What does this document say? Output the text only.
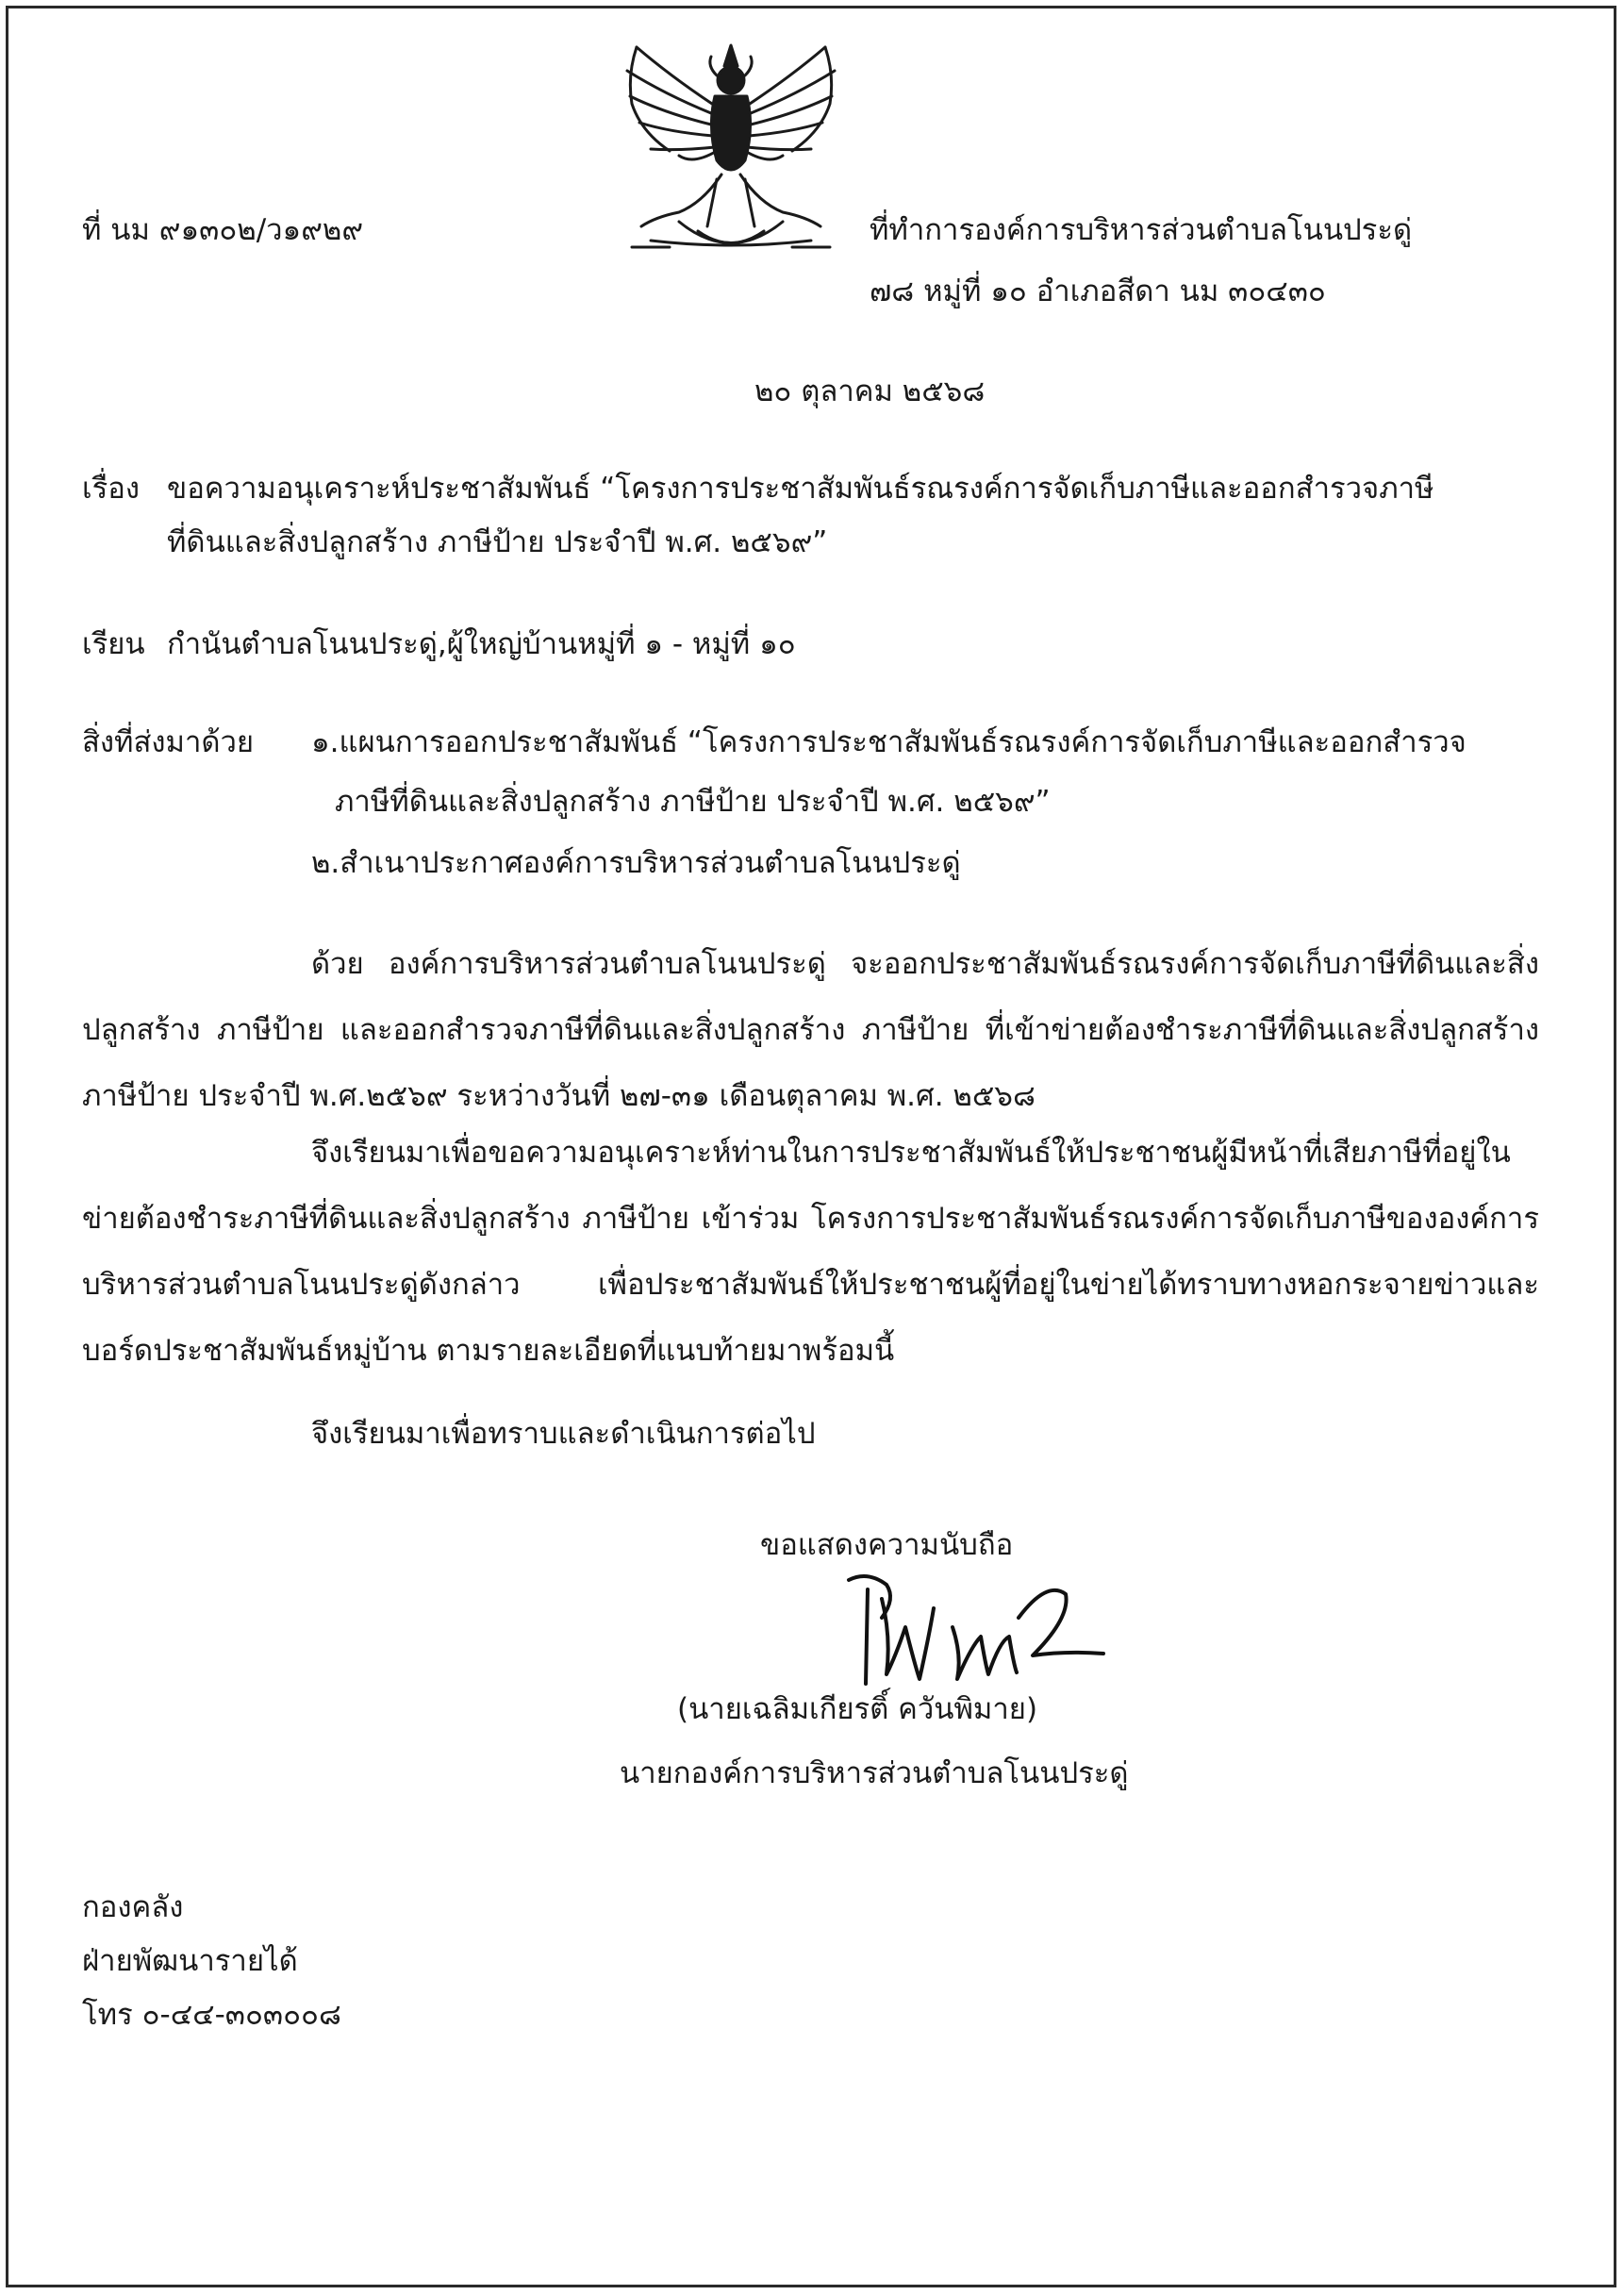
ที่ นม ๙๑๓๐๒/ว๑๙๒๙	ที่ทำการองค์การบริหารส่วนตำบลโนนประดู่
๗๘ หมู่ที่ ๑๐ อำเภอสีดา นม ๓๐๔๓๐
๒๐ ตุลาคม ๒๕๖๘
เรื่อง ขอความอนุเคราะห์ประชาสัมพันธ์ “โครงการประชาสัมพันธ์รณรงค์การจัดเก็บภาษีและออกสำรวจภาษี
ที่ดินและสิ่งปลูกสร้าง ภาษีป้าย ประจำปี พ.ศ. ๒๕๖๙”
เรียน กำนันตำบลโนนประดู่,ผู้ใหญ่บ้านหมู่ที่ ๑ - หมู่ที่ ๑๐
สิ่งที่ส่งมาด้วย ๑.แผนการออกประชาสัมพันธ์ “โครงการประชาสัมพันธ์รณรงค์การจัดเก็บภาษีและออกสำรวจ
ภาษีที่ดินและสิ่งปลูกสร้าง ภาษีป้าย ประจำปี พ.ศ. ๒๕๖๙”
๒.สำเนาประกาศองค์การบริหารส่วนตำบลโนนประดู่
ด้วย องค์การบริหารส่วนตำบลโนนประดู่ จะออกประชาสัมพันธ์รณรงค์การจัดเก็บภาษีที่ดินและสิ่งปลูกสร้าง ภาษีป้าย และออกสำรวจภาษีที่ดินและสิ่งปลูกสร้าง ภาษีป้าย ที่เข้าข่ายต้องชำระภาษีที่ดินและสิ่งปลูกสร้าง ภาษีป้าย ประจำปี พ.ศ.๒๕๖๙ ระหว่างวันที่ ๒๗-๓๑ เดือนตุลาคม พ.ศ. ๒๕๖๘
จึงเรียนมาเพื่อขอความอนุเคราะห์ท่านในการประชาสัมพันธ์ให้ประชาชนผู้มีหน้าที่เสียภาษีที่อยู่ในข่ายต้องชำระภาษีที่ดินและสิ่งปลูกสร้าง ภาษีป้าย เข้าร่วม โครงการประชาสัมพันธ์รณรงค์การจัดเก็บภาษีขององค์การบริหารส่วนตำบลโนนประดู่ดังกล่าว เพื่อประชาสัมพันธ์ให้ประชาชนผู้ที่อยู่ในข่ายได้ทราบทางหอกระจายข่าวและบอร์ดประชาสัมพันธ์หมู่บ้าน ตามรายละเอียดที่แนบท้ายมาพร้อมนี้
จึงเรียนมาเพื่อทราบและดำเนินการต่อไป
ขอแสดงความนับถือ
(นายเฉลิมเกียรติ์ ควันพิมาย)
นายกองค์การบริหารส่วนตำบลโนนประดู่
กองคลัง
ฝ่ายพัฒนารายได้
โทร ๐-๔๔-๓๐๓๐๐๘
